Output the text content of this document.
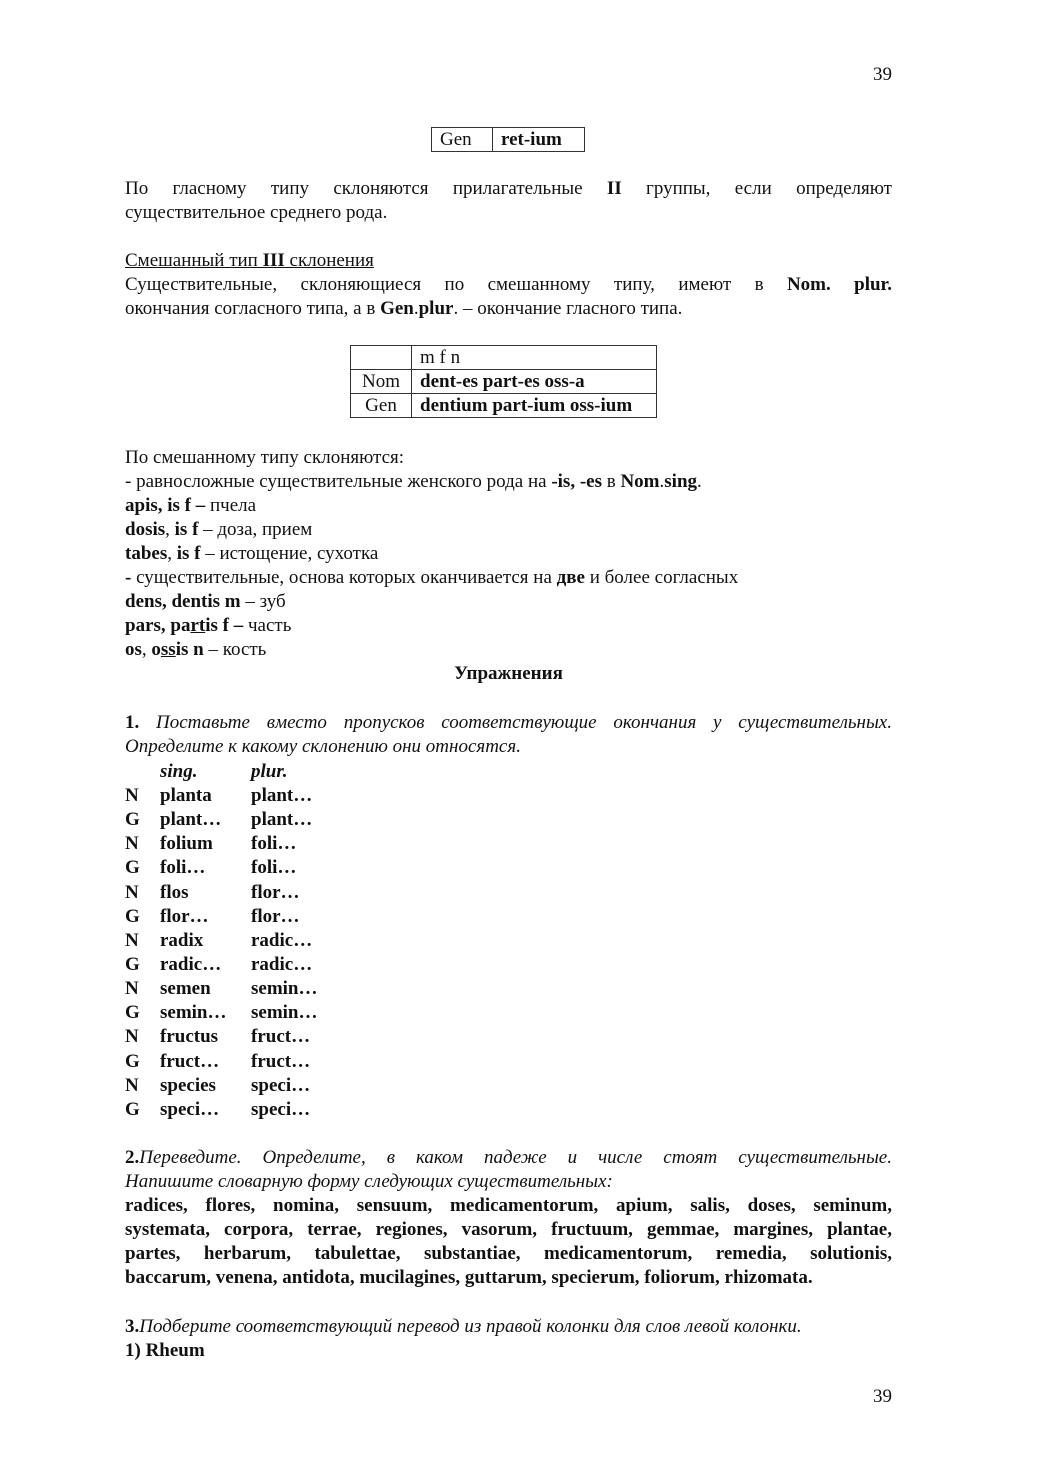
39
Gen	ret-ium
По гласному типу склоняются прилагательные II группы, если определяют
существительное среднего рода.
Смешанный тип III склонения
Существительные, склоняющиеся по смешанному типу, имеют в Nom. plur.
окончания согласного типа, а в Gen.plur. – окончание гласного типа.
	m f n
Nom	dent-es part-es oss-a
Gen	dentium part-ium oss-ium
По смешанному типу склоняются:
- равносложные существительные женского рода на -is, -es в Nom.sing.
apis, is f – пчела
dosis, is f – доза, прием
tabes, is f – истощение, сухотка
- существительные, основа которых оканчивается на две и более согласных
dens, dentis m – зуб
pars, partis f – часть
os, ossis n – кость
Упражнения
1. Поставьте вместо пропусков соответствующие окончания у существительных.
Определите к какому склонению они относятся.
	sing.	plur.
N	planta	plant…
G	plant…	plant…
N	folium	foli…
G	foli…	foli…
N	flos	flor…
G	flor…	flor…
N	radix	radic…
G	radic…	radic…
N	semen	semin…
G	semin…	semin…
N	fructus	fruct…
G	fruct…	fruct…
N	species	speci…
G	speci…	speci…
2.Переведите. Определите, в каком падеже и числе стоят существительные.
Напишите словарную форму следующих существительных:
radices, flores, nomina, sensuum, medicamentorum, apium, salis, doses, seminum,
systemata, corpora, terrae, regiones, vasorum, fructuum, gemmae, margines, plantae,
partes, herbarum, tabulettae, substantiae, medicamentorum, remedia, solutionis,
baccarum, venena, antidota, mucilagines, guttarum, specierum, foliorum, rhizomata.
3.Подберите соответствующий перевод из правой колонки для слов левой колонки.
1) Rheum
39
